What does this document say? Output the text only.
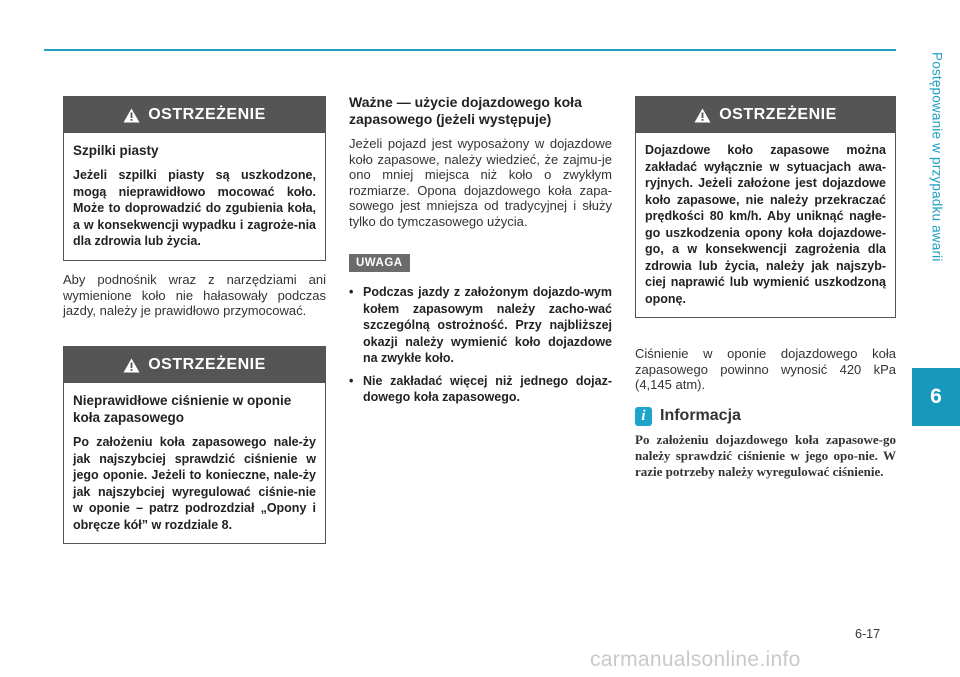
Postępowanie w przypadku awarii
6
OSTRZEŻENIE
Szpilki piasty

Jeżeli szpilki piasty są uszkodzone, mogą nieprawidłowo mocować koło. Może to doprowadzić do zgubienia koła, a w konsekwencji wypadku i zagroże-nia dla zdrowia lub życia.

Aby podnośnik wraz z narzędziami ani wymienione koło nie hałasowały podczas jazdy, należy je prawidłowo przymocować.

OSTRZEŻENIE
Nieprawidłowe ciśnienie w oponie koła zapasowego

Po założeniu koła zapasowego nale-ży jak najszybciej sprawdzić ciśnienie w jego oponie. Jeżeli to konieczne, nale-ży jak najszybciej wyregulować ciśnie-nie w oponie – patrz podrozdział „Opony i obręcze kół” w rozdziale 8.

Ważne — użycie dojazdowego koła zapasowego (jeżeli występuje)

Jeżeli pojazd jest wyposażony w dojazdowe koło zapasowe, należy wiedzieć, że zajmu-je ono mniej miejsca niż koło o zwykłym rozmiarze. Opona dojazdowego koła zapa-sowego jest mniejsza od tradycyjnej i służy tylko do tymczasowego użycia.

UWAGA
• Podczas jazdy z założonym dojazdo-wym kołem zapasowym należy zacho-wać szczególną ostrożność. Przy najbliższej okazji należy wymienić koło dojazdowe na zwykłe koło.
• Nie zakładać więcej niż jednego dojaz-dowego koła zapasowego.
OSTRZEŻENIE

Dojazdowe koło zapasowe można zakładać wyłącznie w sytuacjach awa-ryjnych. Jeżeli założone jest dojazdowe koło zapasowe, nie należy przekraczać prędkości 80 km/h. Aby uniknąć nagłe-go uszkodzenia opony koła dojazdowe-go, a w konsekwencji zagrożenia dla zdrowia lub życia, należy jak najszyb-ciej naprawić lub wymienić uszkodzoną oponę.

Ciśnienie w oponie dojazdowego koła zapasowego powinno wynosić 420 kPa (4,145 atm).

i Informacja

Po założeniu dojazdowego koła zapasowe-go należy sprawdzić ciśnienie w jego opo-nie. W razie potrzeby należy wyregulować ciśnienie.

6-17
carmanualsonline.info
